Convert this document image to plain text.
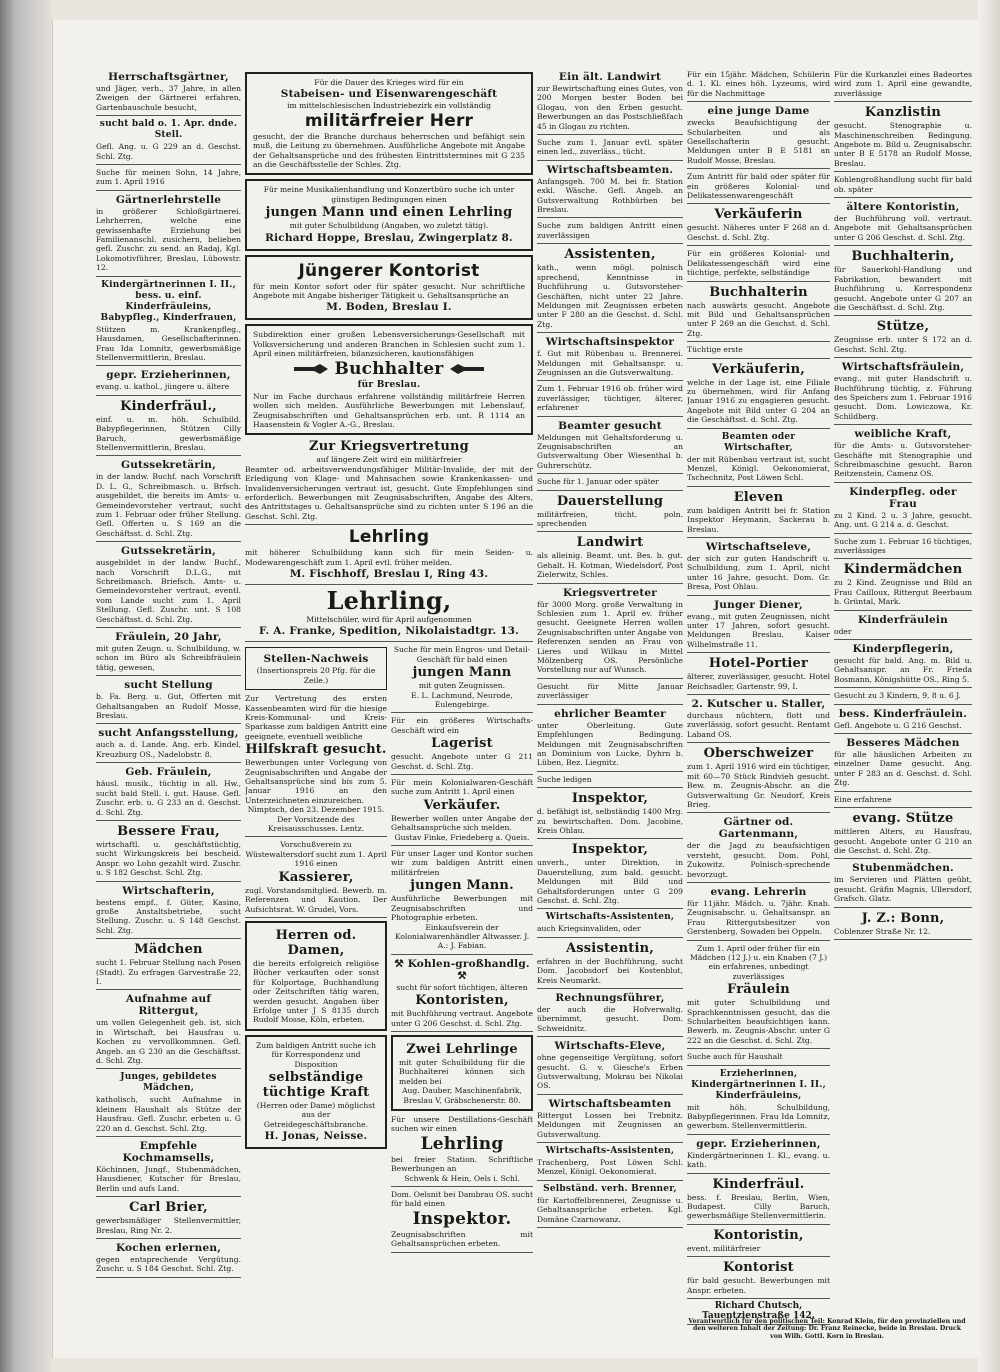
Herrschaftsgärtner,

und Jäger, verh., 37 Jahre, in allen Zweigen der Gärtnerei erfahren, Gartenbauschule besucht,

sucht bald o. 1. Apr. dnde. Stell.

Gefl. Ang. u. G 229 an d. Geschst. Schl. Ztg.

Suche für meinen Sohn, 14 Jahre, zum 1. April 1916

Gärtnerlehrstelle

in größerer Schloßgärtnerei. Lehrherren, welche eine gewissenhafte Erziehung bei Familienanschl. zusichern, belieben gefl. Zuschr. zu send. an Radaj, Kgl. Lokomotivführer, Breslau, Lübowstr. 12.

Kindergärtnerinnen I. II., bess. u. einf. Kinderfräuleins, Babypfleg., Kinderfrauen,

Stützen m. Krankenpfleg., Hausdamen, Gesellschafterinnen. Frau Ida Lomnitz, gewerbsmäßige Stellenvermittlerin, Breslau.

gepr. Erzieherinnen,

evang. u. kathol., jüngere u. ältere

Kinderfräul.,

einf. u. m. höh. Schulbild. Babypflegerinnen, Stützen Cilly Baruch, gewerbsmäßige Stellenvermittlerin, Breslau.

Gutssekretärin,

in der landw. Buchf. nach Vorschrift D. L. G., Schreibmasch. u. Brfsch. ausgebildet, die bereits im Amts- u. Gemeindevorsteher vertraut, sucht zum 1. Februar oder früher Stellung. Gefl. Offerten u. S 169 an die Geschäftsst. d. Schl. Ztg.

Gutssekretärin,

ausgebildet in der landw. Buchf., nach Vorschrift D.L.G., mit Schreibmasch. Briefsch. Amts- u. Gemeindevorsteher vertraut, eventl. vom Lande sucht zum 1. April Stellung. Gefl. Zuschr. unt. S 108 Geschäftsst. d. Schl. Ztg.

Fräulein, 20 Jahr,

mit guten Zeugn. u. Schulbildung, w. schon im Büro als Schreibfräulein tätig, gewesen,

sucht Stellung

b. Fa. Berg. u. Gut, Offerten mit Gehaltsangaben an Rudolf Mosse, Breslau.

sucht Anfangsstellung,

auch a. d. Lande. Ang. erb. Kindel, Kreuzburg OS., Nadelobstr. 8.

Geb. Fräulein,

häusl. musik., tüchtig in all. Hw., sucht bald Stell. i. gut. Hause. Gefl. Zuschr. erb. u. G 233 an d. Geschst. d. Schl. Ztg.

Bessere Frau,

wirtschaftl. u. geschäftstüchtig, sucht Wirkungskreis bei bescheid. Anspr. wo Lohn gezahlt wird. Zuschr. u. S 182 Geschst. Schl. Ztg.

Wirtschafterin,

bestens empf., f. Güter, Kasino, große Anstaltsbetriebe, sucht Stellung. Zuschr. u. S 148 Geschst. Schl. Ztg.

Mädchen

sucht 1. Februar Stellung nach Posen (Stadt). Zu erfragen Garvestraße 22, I.

Aufnahme auf Rittergut,

um vollen Gelegenheit geb. ist, sich in Wirtschaft, bei Hausfrau u. Kochen zu vervollkommnen. Gefl. Angeb. an G 230 an die Geschäftsst. d. Schl. Ztg.

Junges, gebildetes Mädchen,

katholisch, sucht Aufnahme in kleinem Haushalt als Stütze der Hausfrau. Gefl. Zuschr. erbeten u. G 220 an d. Geschst. Schl. Ztg.

Empfehle Kochmamsells,

Köchinnen, Jungf., Stubenmädchen, Hausdiener, Kutscher für Breslau, Berlin und aufs Land.

Carl Brier,

gewerbsmäßiger Stellenvermittler, Breslau, Ring Nr. 2.

Kochen erlernen,

gegen entsprechende Vergütung. Zuschr. u. S 184 Geschst. Schl. Ztg.

Für die Dauer des Krieges wird für ein

Stabeisen- und Eisenwarengeschäft

im mittelschlesischen Industriebezirk ein vollständig

militärfreier Herr

gesucht, der die Branche durchaus beherrschen und befähigt sein muß, die Leitung zu übernehmen. Ausführliche Angebote mit Angabe der Gehaltsansprüche und des frühesten Eintrittstermines mit G 235 an die Geschäftsstelle der Schles. Ztg.

Für meine Musikalienhandlung und Konzertbüro suche ich unter günstigen Bedingungen einen

jungen Mann und einen Lehrling

mit guter Schulbildung (Angaben, wo zuletzt tätig).

Richard Hoppe, Breslau, Zwingerplatz 8.
Jüngerer Kontorist

für mein Kontor sofort oder für später gesucht. Nur schriftliche Angebote mit Angabe bisheriger Tätigkeit u. Gehaltsansprüche an

M. Boden, Breslau I.

Subdirektion einer großen Lebensversicherungs-Gesellschaft mit Volksversicherung und anderen Branchen in Schlesien sucht zum 1. April einen militärfreien, bilanzsicheren, kautionsfähigen

Buchhalter
für Breslau.

Nur im Fache durchaus erfahrene vollständig militärfreie Herren wollen sich melden. Ausführliche Bewerbungen mit Lebenslauf, Zeugnisabschriften und Gehaltsansprüchen erb. unt. R 1114 an Haasenstein & Vogler A.-G., Breslau.

Zur Kriegsvertretung

auf längere Zeit wird ein militärfreier

Beamter od. arbeitsverwendungsfähiger Militär-Invalide, der mit der Erledigung von Klage- und Mahnsachen sowie Krankenkassen- und Invalidenversicherungen vertraut ist, gesucht. Gute Empfehlungen sind erforderlich. Bewerbungen mit Zeugnisabschriften, Angabe des Alters, des Antrittstages u. Gehaltsansprüche sind zu richten unter S 196 an die Geschst. Schl. Ztg.

Lehrling

mit höherer Schulbildung kann sich für mein Seiden- u. Modewarengeschäft zum 1. April evtl. früher melden.

M. Fischhoff, Breslau I, Ring 43.
Lehrling,

Mittelschüler, wird für April aufgenommen

F. A. Franke, Spedition, Nikolaistadtgr. 13.
Stellen-Nachweis
(Insertionspreis 20 Pfg. für die Zeile.)

Zur Vertretung des ersten Kassenbeamten wird für die hiesige Kreis-Kommunal- und Kreis-Sparkasse zum baldigen Antritt eine geeignete, eventuell weibliche

Hilfskraft gesucht.

Bewerbungen unter Vorlegung von Zeugnisabschriften und Angabe der Gehaltsansprüche sind bis zum 5. Januar 1916 an den Unterzeichneten einzureichen.

Nimptsch, den 23. Dezember 1915. Der Vorsitzende des Kreisausschusses. Lentz.

Vorschußverein zu Wüstewaltersdorf sucht zum 1. April 1916 einen

Kassierer,

zugl. Vorstandsmitglied. Bewerb. m. Referenzen und Kaution. Der Aufsichtsrat. W. Grudel, Vors.

Herren od. Damen,

die bereits erfolgreich religiöse Bücher verkauften oder sonst für Kolportage, Buchhandlung oder Zeitschriften tätig waren, werden gesucht. Angaben über Erfolge unter J S 8135 durch Rudolf Mosse, Köln, erbeten.

Zum baldigen Antritt suche ich für Korrespondenz und Disposition

selbständige tüchtige Kraft

(Herren oder Dame) möglichst aus der Getreidegeschäftsbranche.

H. Jonas, Neisse.

Suche für mein Engros- und Detail-Geschäft für bald einen

jungen Mann

mit guten Zeugnissen.

E. L. Lachmund, Neurode, Eulengebirge.

Für ein größeres Wirtschafts-Geschäft wird ein

Lagerist

gesucht. Angebote unter G 211 Geschst. d. Schl. Ztg.

Für mein Kolonialwaren-Geschäft suche zum Antritt 1. April einen

Verkäufer.

Bewerber wollen unter Angabe der Gehaltsansprüche sich melden.

Gustav Finke, Friedeberg a. Queis.

Für unser Lager und Kontor suchen wir zum baldigen Antritt einen militärfreien

jungen Mann.

Ausführliche Bewerbungen mit Zeugnisabschriften und Photographie erbeten.

Einkaufsverein der Kolonialwarenhändler Altwasser. J. A.: J. Fabian.

⚒ Kohlen-großhandlg. ⚒

sucht für sofort tüchtigen, älteren

Kontoristen,

mit Buchführung vertraut. Angebote unter G 206 Geschst. d. Schl. Ztg.

Zwei Lehrlinge

mit guter Schulbildung für die Buchhalterei können sich melden bei

Aug. Dauber, Maschinenfabrik, Breslau V, Gräbschenerstr. 80.

Für unsere Destillations-Geschäft suchen wir einen

Lehrling

bei freier Station. Schriftliche Bewerbungen an

Schwenk & Hein, Oels i. Schl.

Dom. Oelsnit bei Dambrau OS. sucht für bald einen

Inspektor.

Zeugnisabschriften mit Gehaltsansprüchen erbeten.

Ein ält. Landwirt

zur Bewirtschaftung eines Gutes, von 200 Morgen bester Boden bei Glogau, von den Erben gesucht. Bewerbungen an das Postschließfach 45 in Glogau zu richten.

Suche zum 1. Januar evtl. später einen led., zuverläss., tücht.

Wirtschaftsbeamten.

Anfangsgeh. 700 M. bei fr. Station exkl. Wäsche. Gefl. Angeb. an Gutsverwaltung Rothbürben bei Breslau.

Suche zum baldigen Antritt einen zuverlässigen

Assistenten,

kath., wenn mögl. polnisch sprechend, Kenntnisse in Buchführung u. Gutsvorsteher-Geschäften, nicht unter 22 Jahre. Meldungen mit Zeugnissen erbeten unter F 280 an die Geschst. d. Schl. Ztg.

Wirtschaftsinspektor

f. Gut mit Rübenbau u. Brennerei. Meldungen mit Gehaltsanspr. u. Zeugnissen an die Gutsverwaltung.

Zum 1. Februar 1916 ob. früher wird zuverlässiger, tüchtiger, älterer, erfahrener

Beamter gesucht

Meldungen mit Gehaltsforderung u. Zeugnisabschriften an Gutsverwaltung Ober Wiesenthal b. Guhrerschütz.

Suche für 1. Januar oder später

Dauerstellung

militärfreien, tücht. poln. sprechenden

Landwirt

als alleinig. Beamt. unt. Bes. b. gut. Gehalt. H. Kotman, Wiedelsdorf, Post Zielerwitz, Schles.

Kriegsvertreter

für 3000 Morg. große Verwaltung in Schlesien zum 1. April ev. früher gesucht. Geeignete Herren wollen Zeugnisabschriften unter Angabe von Referenzen senden an Frau von Lieres und Wilkau in Mittel Mölzenberg OS. Persönliche Vorstellung nur auf Wunsch.

Gesucht für Mitte Januar zuverlässiger

ehrlicher Beamter

unter Oberleitung. Gute Empfehlungen Bedingung. Meldungen mit Zeugnisabschriften an Dominium von Lucke, Dyhrn b. Lüben, Bez. Liegnitz.

Suche ledigen

Inspektor,

d. befähigt ist, selbständig 1400 Mrg. zu bewirtschaften. Dom. Jacobine, Kreis Ohlau.

Inspektor,

unverh., unter Direktion, in Dauerstellung, zum bald. gesucht. Meldungen mit Bild und Gehaltsforderungen unter G 209 Geschst. d. Schl. Ztg.

Wirtschafts-Assistenten,

auch Kriegsinvaliden, oder

Assistentin,

erfahren in der Buchführung, sucht Dom. Jacobsdorf bei Kostenblut, Kreis Neumarkt.

Rechnungsführer,

der auch die Hofverwaltg. übernimmt, gesucht. Dom. Schweidnitz.

Wirtschafts-Eleve,

ohne gegenseitige Vergütung, sofort gesucht. G. v. Giesche's Erben Gutsverwaltung, Mokrau bei Nikolai OS.

Wirtschaftsbeamten

Rittergut Lossen bei Trebnitz. Meldungen mit Zeugnissen an Gutsverwaltung.

Wirtschafts-Assistenten,

Trachenberg, Post Löwen Schl. Menzel, Königl. Oekonomierat.

Selbständ. verh. Brenner,

für Kartoffelbrennerei, Zeugnisse u. Gehaltsansprüche erbeten. Kgl. Domäne Czarnowanz.

Für ein 15jähr. Mädchen, Schülerin d. 1. Kl. eines höh. Lyzeums, wird für die Nachmittage

eine junge Dame

zwecks Beaufsichtigung der Schularbeiten und als Gesellschafterin gesucht. Meldungen unter B E 5181 an Rudolf Mosse, Breslau.

Zum Antritt für bald oder später für ein größeres Kolonial- und Delikatessenwarengeschäft

Verkäuferin

gesucht. Näheres unter F 268 an d. Geschst. d. Schl. Ztg.

Für ein größeres Kolonial- und Delikatessengeschäft wird eine tüchtige, perfekte, selbständige

Buchhalterin

nach auswärts gesucht. Angebote mit Bild und Gehaltsansprüchen unter F 269 an die Geschst. d. Schl. Ztg.

Tüchtige erste

Verkäuferin,

welche in der Lage ist, eine Filiale zu übernehmen, wird für Anfang Januar 1916 zu engagieren gesucht. Angebote mit Bild unter G 204 an die Geschäftsst. d. Schl. Ztg.

Beamten oder Wirtschafter,

der mit Rübenbau vertraut ist, sucht Menzel, Königl. Oekonomierat, Tschechnitz, Post Löwen Schl.

Eleven

zum baldigen Antritt bei fr. Station Inspektor Heymann, Sackerau b. Breslau.

Wirtschaftseleve,

der sich zur guten Handschrift u. Schulbildung, zum 1. April, nicht unter 16 Jahre, gesucht. Dom. Gr. Bresa, Post Ohlau.

Junger Diener,

evang., mit guten Zeugnissen, nicht unter 17 Jahren, sofort gesucht. Meldungen Breslau, Kaiser Wilhelmstraße 11.

Hotel-Portier

älterer, zuverlässiger, gesucht. Hotel Reichsadler, Gartenstr. 99, I.

2. Kutscher u. Staller,

durchaus nüchtern, flott und zuverlässig, sofort gesucht. Rentamt Laband OS.

Oberschweizer

zum 1. April 1916 wird ein tüchtiger, mit 60—70 Stück Rindvieh gesucht. Bew. m. Zeugnis-Abschr. an die Gutsverwaltung Gr. Neudorf, Kreis Brieg.

Gärtner od. Gartenmann,

der die Jagd zu beaufsichtigen versteht, gesucht. Dom. Pohl, Zukowitz. Polnisch-sprechende bevorzugt.

evang. Lehrerin

für 11jähr. Mädch. u. 7jähr. Knab. Zeugnisabschr. u. Gehaltsanspr. an Frau Rittergutsbesitzer von Gerstenberg, Sowaden bei Oppeln.

Zum 1. April oder früher für ein Mädchen (12 J.) u. ein Knaben (7 J.) ein erfahrenes, unbedingt zuverlässiges

Fräulein

mit guter Schulbildung und Sprachkenntnissen gesucht, das die Schularbeiten beaufsichtigen kann. Bewerb. m. Zeugnis-Abschr. unter G 222 an die Geschst. d. Schl. Ztg.

Suche auch für Haushalt

Erzieherinnen, Kindergärtnerinnen I. II., Kinderfräuleins,

mit höh. Schulbildung, Babypflegerinnen. Frau Ida Lomnitz, gewerbsm. Stellenvermittlerin.

gepr. Erzieherinnen,

Kindergärtnerinnen 1. Kl., evang. u. kath.

Kinderfräul.

bess. f. Breslau, Berlin, Wien, Budapest. Cilly Baruch, gewerbsmäßige Stellenvermittlerin.

Kontoristin,

event. militärfreier

Kontorist

für bald gesucht. Bewerbungen mit Anspr. erbeten.

Richard Chutsch, Tauentzienstraße 142.

Für die Kurkanzlei eines Badeortes wird zum 1. April eine gewandte, zuverlässige

Kanzlistin

gesucht. Stenographie u. Maschinenschreiben Bedingung. Angebote m. Bild u. Zeugnisabschr. unter B E 5178 an Rudolf Mosse, Breslau.

Kohlengroßhandlung sucht für bald ob. später

ältere Kontoristin,

der Buchführung voll. vertraut. Angebote mit Gehaltsansprüchen unter G 206 Geschst. d. Schl. Ztg.

Buchhalterin,

für Sauerkohl-Handlung und Fabrikation, bewandert mit Buchführung u. Korrespondenz gesucht. Angebote unter G 207 an die Geschäftsst. d. Schl. Ztg.

Stütze,

Zeugnisse erb. unter S 172 an d. Geschst. Schl. Ztg.

Wirtschaftsfräulein,

evang., mit guter Handschrift u. Buchführung tüchtig, z. Führung des Speichers zum 1. Februar 1916 gesucht. Dom. Lowiczowa, Kr. Schildberg.

weibliche Kraft,

für die Amts- u. Gutsvorsteher-Geschäfte mit Stenographie und Schreibmaschine gesucht. Baron Reitzenstein, Camenz OS.

Kinderpfleg. oder Frau

zu 2 Kind. 2 u. 3 Jahre, gesucht. Ang. unt. G 214 a. d. Geschst.

Suche zum 1. Februar 16 tüchtiges, zuverlässiges

Kindermädchen

zu 2 Kind. Zeugnisse und Bild an Frau Cailloux, Rittergut Beerbaum b. Grüntal, Mark.

Kinderfräulein

oder

Kinderpflegerin,

gesucht für bald. Ang. m. Bild u. Gehaltsanspr. an Fr. Frieda Bosmann, Königshütte OS., Ring 5.

Gesucht zu 3 Kindern, 9, 8 u. 6 J.

bess. Kinderfräulein.

Gefl. Angebote u. G 216 Geschst.

Besseres Mädchen

für alle häuslichen Arbeiten zu einzelner Dame gesucht. Ang. unter F 283 an d. Geschst. d. Schl. Ztg.

Eine erfahrene

evang. Stütze

mittleren Alters, zu Hausfrau, gesucht. Angebote unter G 210 an die Geschst. d. Schl. Ztg.

Stubenmädchen.

im Servieren und Plätten geübt, gesucht. Gräfin Magnis, Ullersdorf, Grafsch. Glatz.

J. Z.: Bonn,

Coblenzer Straße Nr. 12.

Verantwortlich für den politischen Teil: Konrad Klein, für den provinziellen und den weiteren Inhalt der Zeitung: Dr. Franz Reinecke, beide in Breslau. Druck von Wilh. Gottl. Korn in Breslau.
